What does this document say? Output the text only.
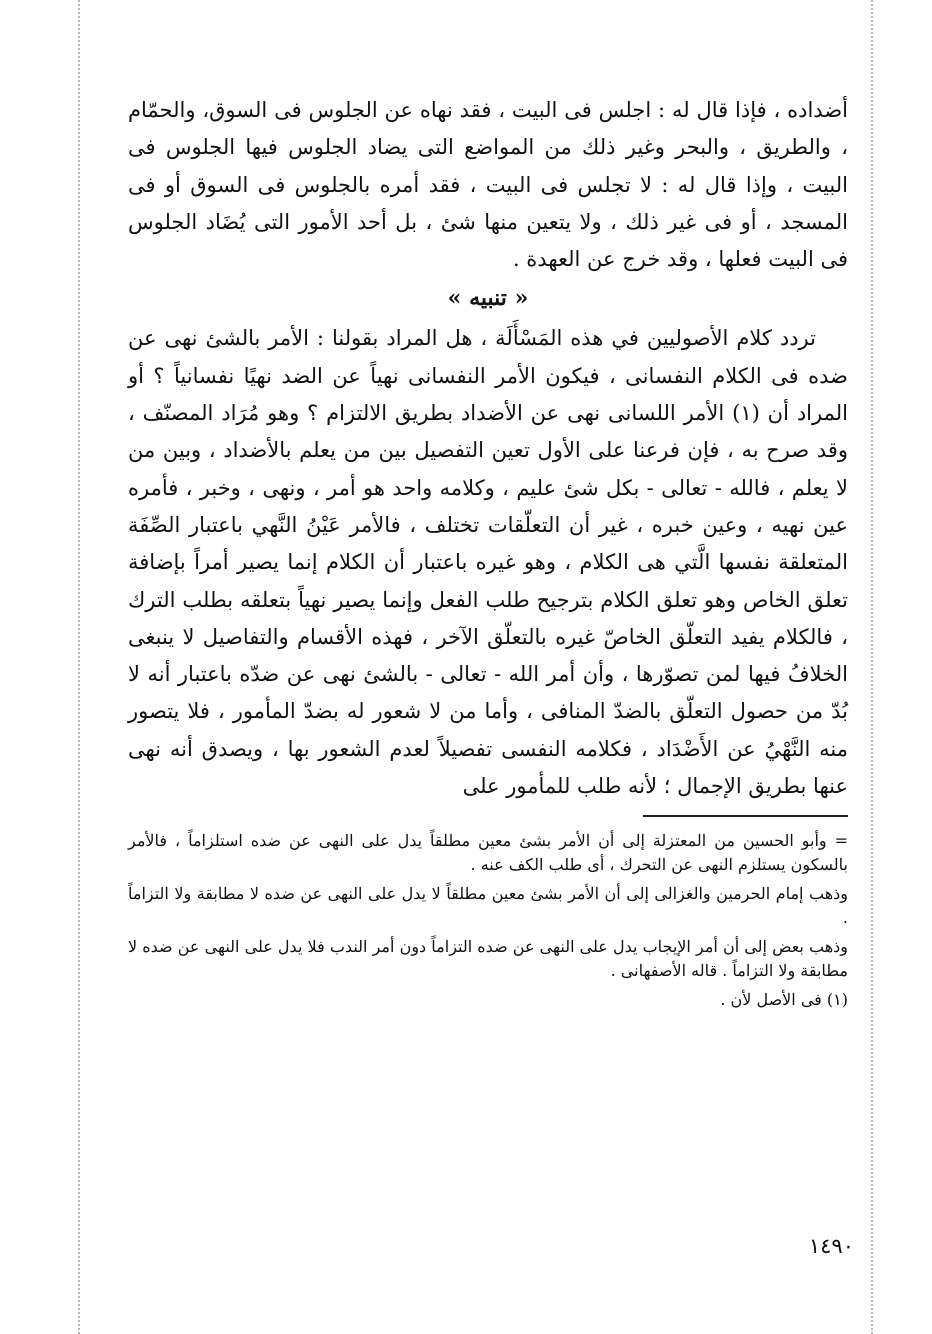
أضداده ، فإذا قال له : اجلس فى البيت ، فقد نهاه عن الجلوس فى السوق، والحمّام ، والطريق ، والبحر وغير ذلك من المواضع التى يضاد الجلوس فيها الجلوس فى البيت ، وإذا قال له : لا تجلس فى البيت ، فقد أمره بالجلوس فى السوق أو فى المسجد ، أو فى غير ذلك ، ولا يتعين منها شئ ، بل أحد الأمور التى يُضَاد الجلوس فى البيت فعلها ، وقد خرج عن العهدة .

« تنبيه »

تردد كلام الأصوليين في هذه المَسْأَلَة ، هل المراد بقولنا : الأمر بالشئ نهى عن ضده فى الكلام النفسانى ، فيكون الأمر النفسانى نهياً عن الضد نهيًا نفسانياً ؟ أو المراد أن (١) الأمر اللسانى نهى عن الأضداد بطريق الالتزام ؟ وهو مُرَاد المصنّف ، وقد صرح به ، فإن فرعنا على الأول تعين التفصيل بين من يعلم بالأضداد ، وبين من لا يعلم ، فالله - تعالى - بكل شئ عليم ، وكلامه واحد هو أمر ، ونهى ، وخبر ، فأمره عين نهيه ، وعين خبره ، غير أن التعلّقات تختلف ، فالأمر عَيْنُ النَّهي باعتبار الصِّفَة المتعلقة نفسها الَّتي هى الكلام ، وهو غيره باعتبار أن الكلام إنما يصير أمراً بإضافة تعلق الخاص وهو تعلق الكلام بترجيح طلب الفعل وإنما يصير نهياً بتعلقه بطلب الترك ، فالكلام يفيد التعلّق الخاصّ غيره بالتعلّق الآخر ، فهذه الأقسام والتفاصيل لا ينبغى الخلافُ فيها لمن تصوّرها ، وأن أمر الله - تعالى - بالشئ نهى عن ضدّه باعتبار أنه لا بُدّ من حصول التعلّق بالضدّ المنافى ، وأما من لا شعور له بضدّ المأمور ، فلا يتصور منه النَّهْيُ عن الأَضْدَاد ، فكلامه النفسى تفصيلاً لعدم الشعور بها ، ويصدق أنه نهى عنها بطريق الإجمال ؛ لأنه طلب للمأمور على

= وأبو الحسين من المعتزلة إلى أن الأمر بشئ معين مطلقاً يدل على النهى عن ضده استلزاماً ، فالأمر بالسكون يستلزم النهى عن التحرك ، أى طلب الكف عنه .

وذهب إمام الحرمين والغزالى إلى أن الأمر بشئ معين مطلقاً لا يدل على النهى عن ضده لا مطابقة ولا التزاماً .

وذهب بعض إلى أن أمر الإيجاب يدل على النهى عن ضده التزاماً دون أمر الندب فلا يدل على النهى عن ضده لا مطابقة ولا التزاماً . قاله الأصفهانى .

(١) فى الأصل لأن .

١٤٩٠
